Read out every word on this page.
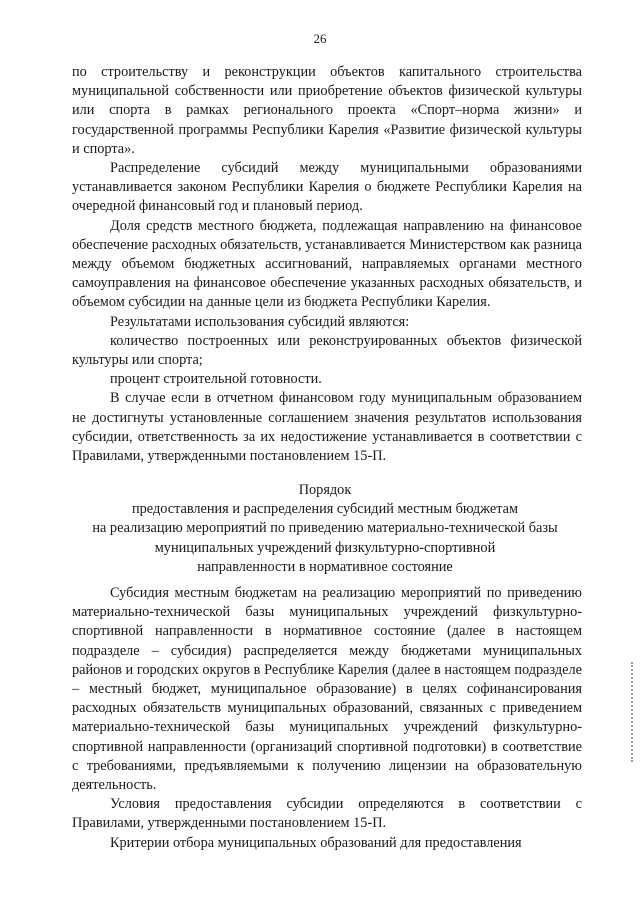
26

по строительству и реконструкции объектов капитального строительства муниципальной собственности или приобретение объектов физической культуры или спорта в рамках регионального проекта «Спорт–норма жизни» и государственной программы Республики Карелия «Развитие физической культуры и спорта».

Распределение субсидий между муниципальными образованиями устанавливается законом Республики Карелия о бюджете Республики Карелия на очередной финансовый год и плановый период.

Доля средств местного бюджета, подлежащая направлению на финансовое обеспечение расходных обязательств, устанавливается Министерством как разница между объемом бюджетных ассигнований, направляемых органами местного самоуправления на финансовое обеспечение указанных расходных обязательств, и объемом субсидии на данные цели из бюджета Республики Карелия.

Результатами использования субсидий являются:

количество построенных или реконструированных объектов физической культуры или спорта;

процент строительной готовности.

В случае если в отчетном финансовом году муниципальным образованием не достигнуты установленные соглашением значения результатов использования субсидии, ответственность за их недостижение устанавливается в соответствии с Правилами, утвержденными постановлением 15-П.

Порядок
предоставления и распределения субсидий местным бюджетам
на реализацию мероприятий по приведению материально-технической базы
муниципальных учреждений физкультурно-спортивной
направленности в нормативное состояние

Субсидия местным бюджетам на реализацию мероприятий по приведению материально-технической базы муниципальных учреждений физкультурно-спортивной направленности в нормативное состояние (далее в настоящем подразделе – субсидия) распределяется между бюджетами муниципальных районов и городских округов в Республике Карелия (далее в настоящем подразделе – местный бюджет, муниципальное образование) в целях софинансирования расходных обязательств муниципальных образований, связанных с приведением материально-технической базы муниципальных учреждений физкультурно-спортивной направленности (организаций спортивной подготовки) в соответствие с требованиями, предъявляемыми к получению лицензии на образовательную деятельность.

Условия предоставления субсидии определяются в соответствии с Правилами, утвержденными постановлением 15-П.

Критерии отбора муниципальных образований для предоставления
